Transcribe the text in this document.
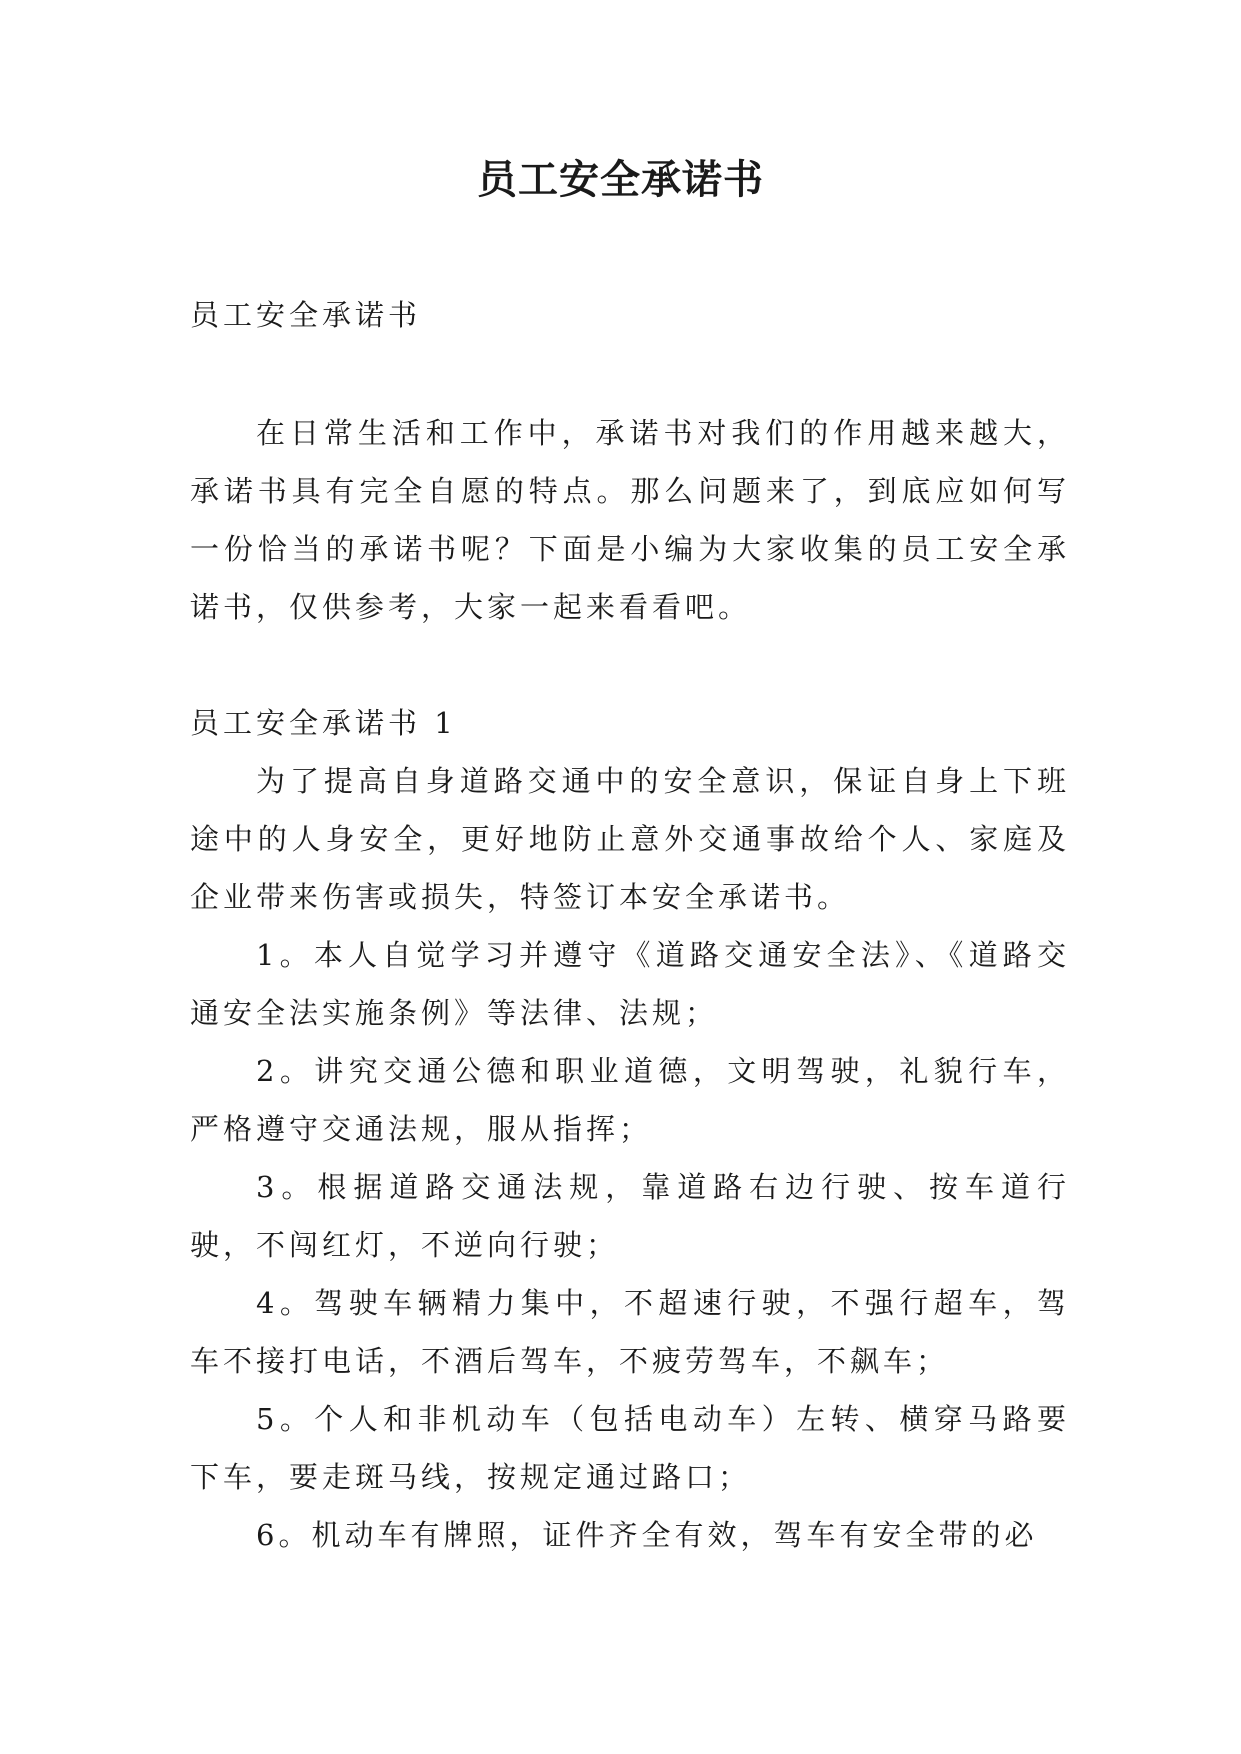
员工安全承诺书
员工安全承诺书

在日常生活和工作中，承诺书对我们的作用越来越大，承诺书具有完全自愿的特点。那么问题来了，到底应如何写一份恰当的承诺书呢？下面是小编为大家收集的员工安全承诺书，仅供参考，大家一起来看看吧。

员工安全承诺书 1

为了提高自身道路交通中的安全意识，保证自身上下班途中的人身安全，更好地防止意外交通事故给个人、家庭及企业带来伤害或损失，特签订本安全承诺书。

1。本人自觉学习并遵守《道路交通安全法》、《道路交通安全法实施条例》等法律、法规；

2。讲究交通公德和职业道德，文明驾驶，礼貌行车，严格遵守交通法规，服从指挥；

3。根据道路交通法规，靠道路右边行驶、按车道行驶，不闯红灯，不逆向行驶；

4。驾驶车辆精力集中，不超速行驶，不强行超车，驾车不接打电话，不酒后驾车，不疲劳驾车，不飙车；

5。个人和非机动车（包括电动车）左转、横穿马路要下车，要走斑马线，按规定通过路口；

6。机动车有牌照，证件齐全有效，驾车有安全带的必
